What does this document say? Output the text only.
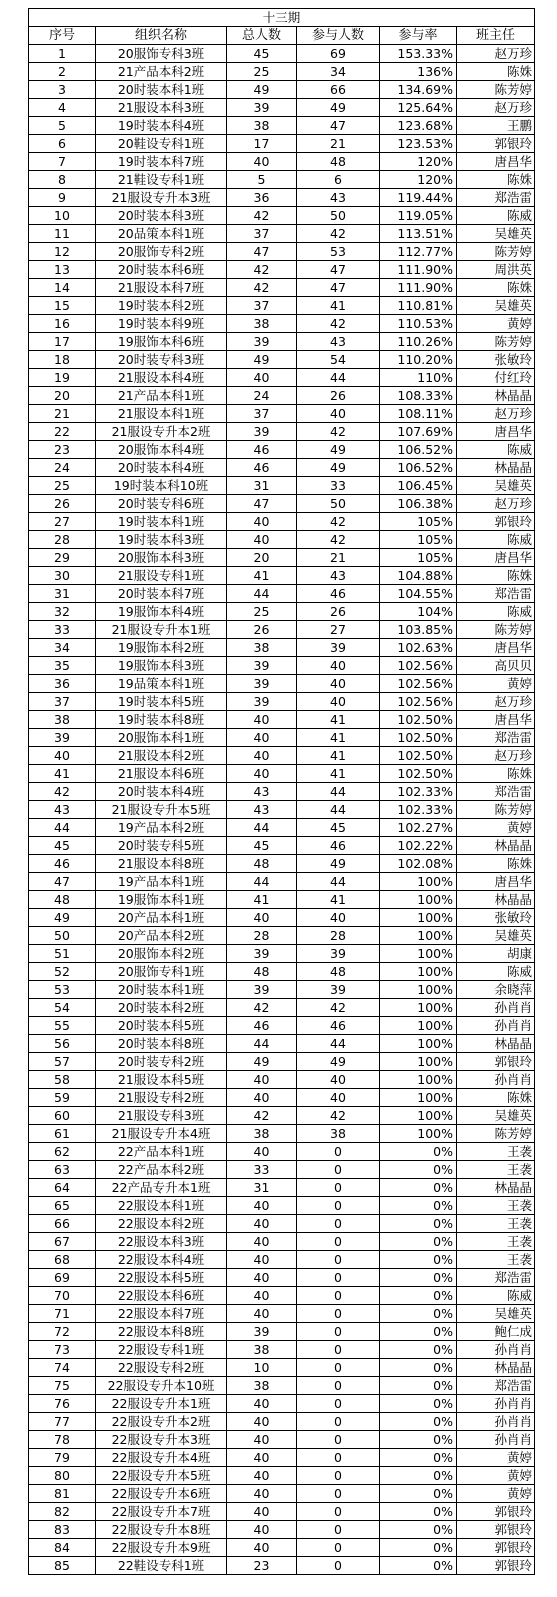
十三期					
序号	组织名称	总人数	参与人数	参与率	班主任
1	20服饰专科3班	45	69	153.33%	赵万珍
2	21产品本科2班	25	34	136%	陈姝
3	20时装本科1班	49	66	134.69%	陈芳婷
4	21服设本科3班	39	49	125.64%	赵万珍
5	19时装本科4班	38	47	123.68%	王鹏
6	20鞋设专科1班	17	21	123.53%	郭银玲
7	19时装本科7班	40	48	120%	唐昌华
8	21鞋设专科1班	5	6	120%	陈姝
9	21服设专升本3班	36	43	119.44%	郑浩雷
10	20时装本科3班	42	50	119.05%	陈威
11	20品策本科1班	37	42	113.51%	吴雄英
12	20服饰专科2班	47	53	112.77%	陈芳婷
13	20时装本科6班	42	47	111.90%	周洪英
14	21服设本科7班	42	47	111.90%	陈姝
15	19时装本科2班	37	41	110.81%	吴雄英
16	19时装本科9班	38	42	110.53%	黄婷
17	19服饰本科6班	39	43	110.26%	陈芳婷
18	20时装专科3班	49	54	110.20%	张敏玲
19	21服设本科4班	40	44	110%	付红玲
20	21产品本科1班	24	26	108.33%	林晶晶
21	21服设本科1班	37	40	108.11%	赵万珍
22	21服设专升本2班	39	42	107.69%	唐昌华
23	20服饰本科4班	46	49	106.52%	陈威
24	20时装本科4班	46	49	106.52%	林晶晶
25	19时装本科10班	31	33	106.45%	吴雄英
26	20时装专科6班	47	50	106.38%	赵万珍
27	19时装本科1班	40	42	105%	郭银玲
28	19时装本科3班	40	42	105%	陈威
29	20服饰本科3班	20	21	105%	唐昌华
30	21服设专科1班	41	43	104.88%	陈姝
31	20时装本科7班	44	46	104.55%	郑浩雷
32	19服饰本科4班	25	26	104%	陈威
33	21服设专升本1班	26	27	103.85%	陈芳婷
34	19服饰本科2班	38	39	102.63%	唐昌华
35	19服饰本科3班	39	40	102.56%	高贝贝
36	19品策本科1班	39	40	102.56%	黄婷
37	19时装本科5班	39	40	102.56%	赵万珍
38	19时装本科8班	40	41	102.50%	唐昌华
39	20服饰本科1班	40	41	102.50%	郑浩雷
40	21服设本科2班	40	41	102.50%	赵万珍
41	21服设本科6班	40	41	102.50%	陈姝
42	20时装本科4班	43	44	102.33%	郑浩雷
43	21服设专升本5班	43	44	102.33%	陈芳婷
44	19产品本科2班	44	45	102.27%	黄婷
45	20时装专科5班	45	46	102.22%	林晶晶
46	21服设本科8班	48	49	102.08%	陈姝
47	19产品本科1班	44	44	100%	唐昌华
48	19服饰本科1班	41	41	100%	林晶晶
49	20产品本科1班	40	40	100%	张敏玲
50	20产品本科2班	28	28	100%	吴雄英
51	20服饰本科2班	39	39	100%	胡康
52	20服饰专科1班	48	48	100%	陈威
53	20时装本科1班	39	39	100%	余晓萍
54	20时装本科2班	42	42	100%	孙肖肖
55	20时装本科5班	46	46	100%	孙肖肖
56	20时装本科8班	44	44	100%	林晶晶
57	20时装专科2班	49	49	100%	郭银玲
58	21服设本科5班	40	40	100%	孙肖肖
59	21服设专科2班	40	40	100%	陈姝
60	21服设专科3班	42	42	100%	吴雄英
61	21服设专升本4班	38	38	100%	陈芳婷
62	22产品本科1班	40	0	0%	王袭
63	22产品本科2班	33	0	0%	王袭
64	22产品专升本1班	31	0	0%	林晶晶
65	22服设本科1班	40	0	0%	王袭
66	22服设本科2班	40	0	0%	王袭
67	22服设本科3班	40	0	0%	王袭
68	22服设本科4班	40	0	0%	王袭
69	22服设本科5班	40	0	0%	郑浩雷
70	22服设本科6班	40	0	0%	陈威
71	22服设本科7班	40	0	0%	吴雄英
72	22服设本科8班	39	0	0%	鲍仁成
73	22服设专科1班	38	0	0%	孙肖肖
74	22服设专科2班	10	0	0%	林晶晶
75	22服设专升本10班	38	0	0%	郑浩雷
76	22服设专升本1班	40	0	0%	孙肖肖
77	22服设专升本2班	40	0	0%	孙肖肖
78	22服设专升本3班	40	0	0%	孙肖肖
79	22服设专升本4班	40	0	0%	黄婷
80	22服设专升本5班	40	0	0%	黄婷
81	22服设专升本6班	40	0	0%	黄婷
82	22服设专升本7班	40	0	0%	郭银玲
83	22服设专升本8班	40	0	0%	郭银玲
84	22服设专升本9班	40	0	0%	郭银玲
85	22鞋设专科1班	23	0	0%	郭银玲
